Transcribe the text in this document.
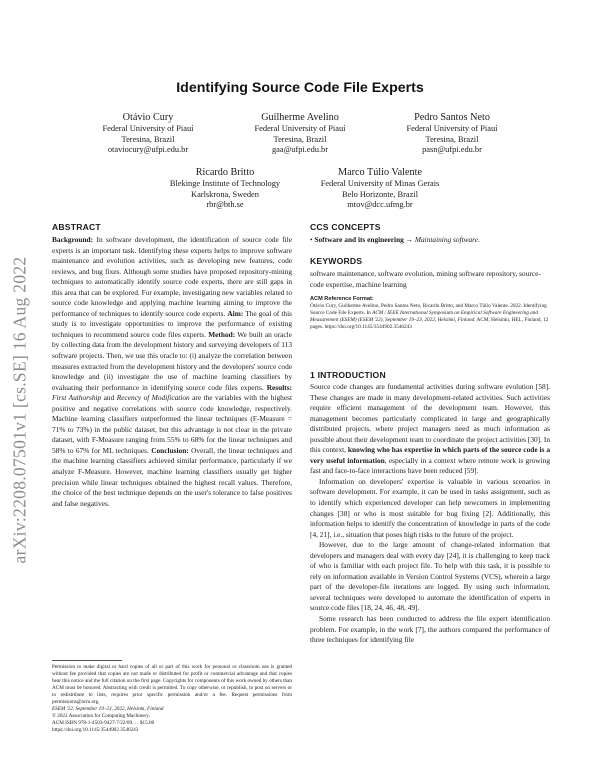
arXiv:2208.07501v1 [cs.SE] 16 Aug 2022
Identifying Source Code File Experts
Otávio Cury
Federal University of Piauí
Teresina, Brazil
otaviocury@ufpi.edu.br
Guilherme Avelino
Federal University of Piauí
Teresina, Brazil
gaa@ufpi.edu.br
Pedro Santos Neto
Federal University of Piauí
Teresina, Brazil
pasn@ufpi.edu.br
Ricardo Britto
Blekinge Institute of Technology
Karlskrona, Sweden
rbr@bth.se
Marco Túlio Valente
Federal University of Minas Gerais
Belo Horizonte, Brazil
mtov@dcc.ufmg.br
ABSTRACT

Background: In software development, the identification of source code file experts is an important task. Identifying these experts helps to improve software maintenance and evolution activities, such as developing new features, code reviews, and bug fixes. Although some studies have proposed repository-mining techniques to automatically identify source code experts, there are still gaps in this area that can be explored. For example, investigating new variables related to source code knowledge and applying machine learning aiming to improve the performance of techniques to identify source code experts. Aim: The goal of this study is to investigate opportunities to improve the performance of existing techniques to recommend source code files experts. Method: We built an oracle by collecting data from the development history and surveying developers of 113 software projects. Then, we use this oracle to: (i) analyze the correlation between measures extracted from the development history and the developers' source code knowledge and (ii) investigate the use of machine learning classifiers by evaluating their performance in identifying source code files experts. Results: First Authorship and Recency of Modification are the variables with the highest positive and negative correlations with source code knowledge, respectively. Machine learning classifiers outperformed the linear techniques (F-Measure = 71% to 73%) in the public dataset, but this advantage is not clear in the private dataset, with F-Measure ranging from 55% to 68% for the linear techniques and 58% to 67% for ML techniques. Conclusion: Overall, the linear techniques and the machine learning classifiers achieved similar performance, particularly if we analyze F-Measure. However, machine learning classifiers usually get higher precision while linear techniques obtained the highest recall values. Therefore, the choice of the best technique depends on the user's tolerance to false positives and false negatives.

Permission to make digital or hard copies of all or part of this work for personal or classroom use is granted without fee provided that copies are not made or distributed for profit or commercial advantage and that copies bear this notice and the full citation on the first page. Copyrights for components of this work owned by others than ACM must be honored. Abstracting with credit is permitted. To copy otherwise, or republish, to post on servers or to redistribute to lists, requires prior specific permission and/or a fee. Request permissions from permissions@acm.org.

ESEM '22, September 19–23, 2022, Helsinki, Finland

© 2022 Association for Computing Machinery.

ACM ISBN 978-1-4503-9427-7/22/09. . . $15.00

https://doi.org/10.1145/3544902.3546243

CCS CONCEPTS
• Software and its engineering → Maintaining software.
KEYWORDS
software maintenance, software evolution, mining software repository, source-code expertise, machine learning
ACM Reference Format:
Otávio Cury, Guilherme Avelino, Pedro Santos Neto, Ricardo Britto, and Marco Túlio Valente. 2022. Identifying Source Code File Experts. In ACM / IEEE International Symposium on Empirical Software Engineering and Measurement (ESEM) (ESEM '22), September 19–23, 2022, Helsinki, Finland. ACM, Helsinki, HEL, Finland, 12 pages. https://doi.org/10.1145/3544902.3546243
1 INTRODUCTION

Source code changes are fundamental activities during software evolution [58]. These changes are made in many development-related activities. Such activities require efficient management of the development team. However, this management becomes particularly complicated in large and geographically distributed projects, where project managers need as much information as possible about their development team to coordinate the project activities [30]. In this context, knowing who has expertise in which parts of the source code is a very useful information, especially in a context where remote work is growing fast and face-to-face interactions have been reduced [59].

Information on developers' expertise is valuable in various scenarios in software development. For example, it can be used in tasks assignment, such as to identify which experienced developer can help newcomers in implementing changes [38] or who is most suitable for bug fixing [2]. Additionally, this information helps to identify the concentration of knowledge in parts of the code [4, 21], i.e., situation that poses high risks to the future of the project.

However, due to the large amount of change-related information that developers and managers deal with every day [24], it is challenging to keep track of who is familiar with each project file. To help with this task, it is possible to rely on information available in Version Control Systems (VCS), wherein a large part of the developer-file iterations are logged. By using such information, several techniques were developed to automate the identification of experts in source code files [18, 24, 46, 48, 49].

Some research has been conducted to address the file expert identification problem. For example, in the work [7], the authors compared the performance of three techniques for identifying file
